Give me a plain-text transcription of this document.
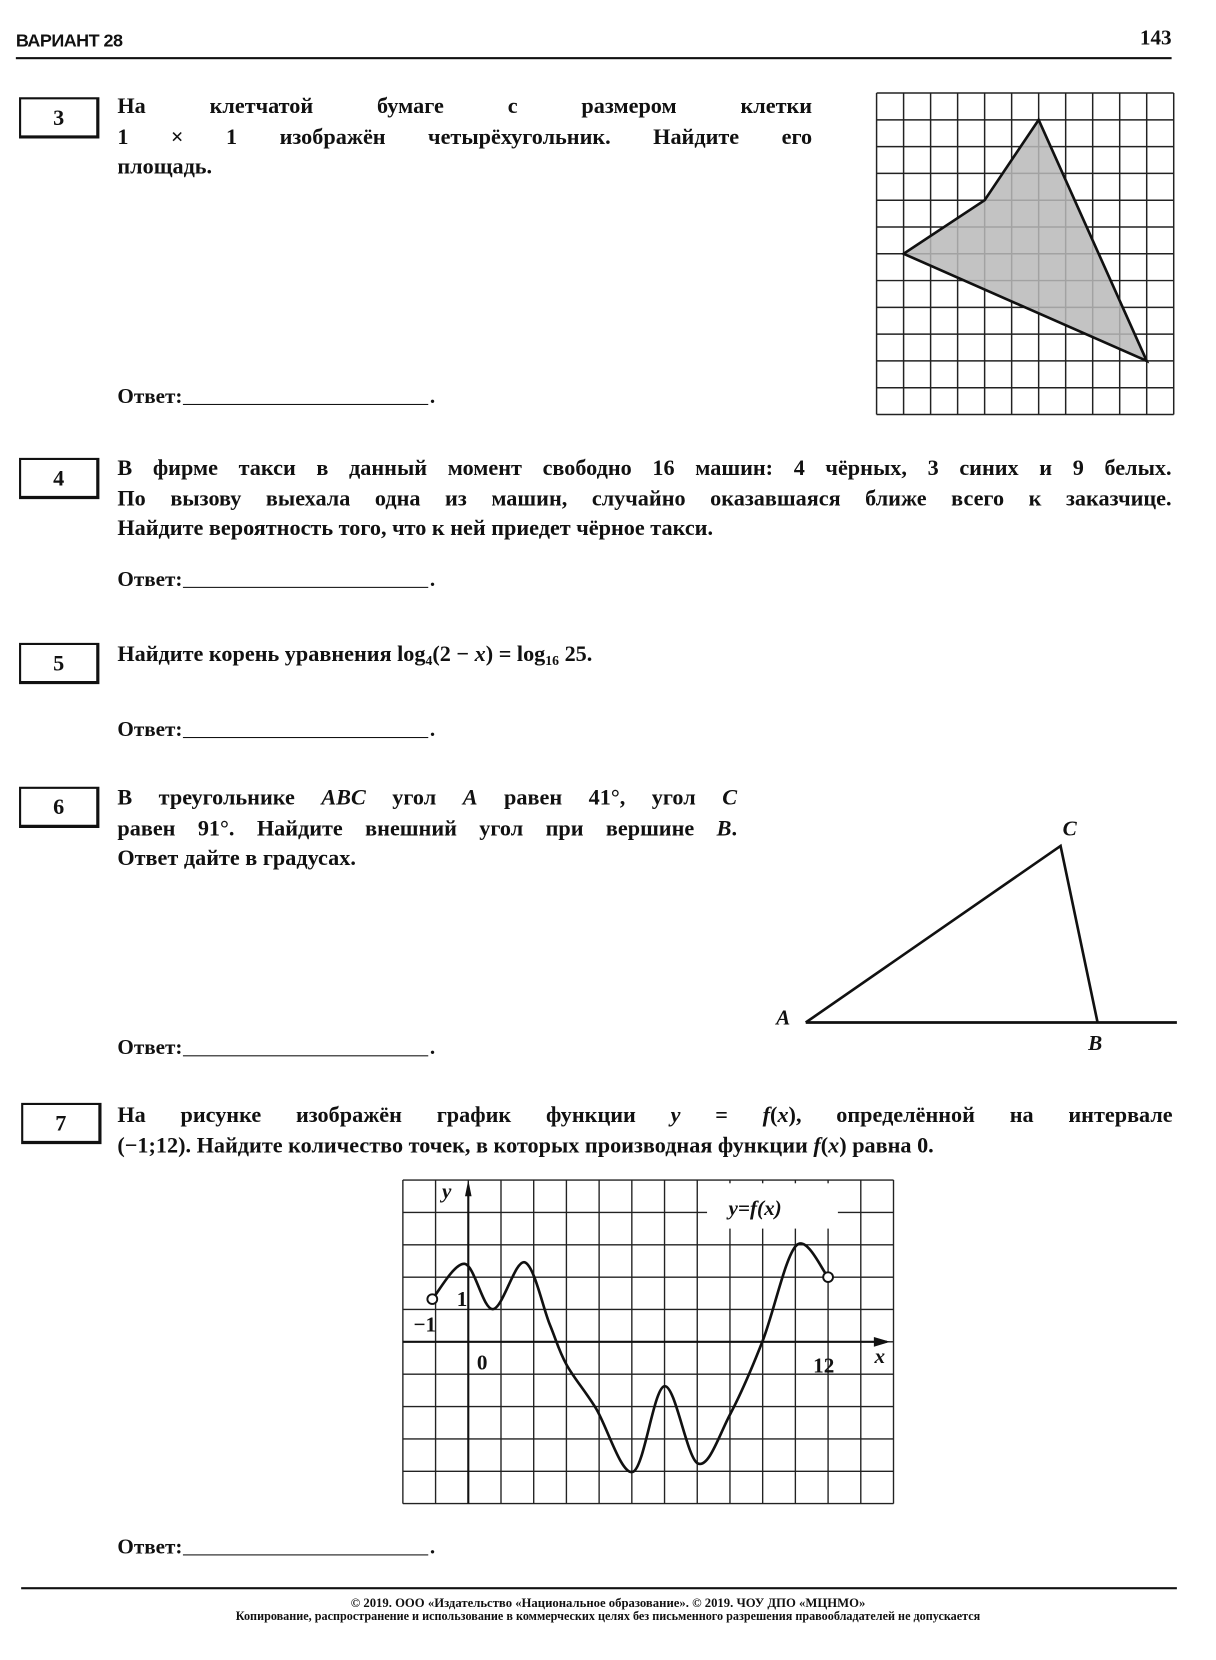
ВАРИАНТ 28	143
3	На клетчатой бумаге с размером клетки
1 × 1 изображён четырёхугольник. Найдите его
площадь.
Ответ:	.
4	В фирме такси в данный момент свободно 16 машин: 4 чёрных, 3 синих и 9 белых.
По вызову выехала одна из машин, случайно оказавшаяся ближе всего к заказчице.
Найдите вероятность того, что к ней приедет чёрное такси.
Ответ:	.
5	Найдите корень уравнения $\log_4(2 - x) = \log_{16} 25$.
Ответ:	.
6	В треугольнике ABC угол A равен 41°, угол C
равен 91°. Найдите внешний угол при вершине B.
Ответ дайте в градусах.
Ответ:	.
A
B
C
7	На рисунке изображён график функции y = f(x), определённой на интервале
(−1;12). Найдите количество точек, в которых производная функции f(x) равна 0.
y
y=f(x)
1
−1
0	12 x
Ответ:	.
© 2019. ООО «Издательство «Национальное образование». © 2019. ЧОУ ДПО «МЦНМО»
Копирование, распространение и использование в коммерческих целях без письменного разрешения правообладателей не допускается
